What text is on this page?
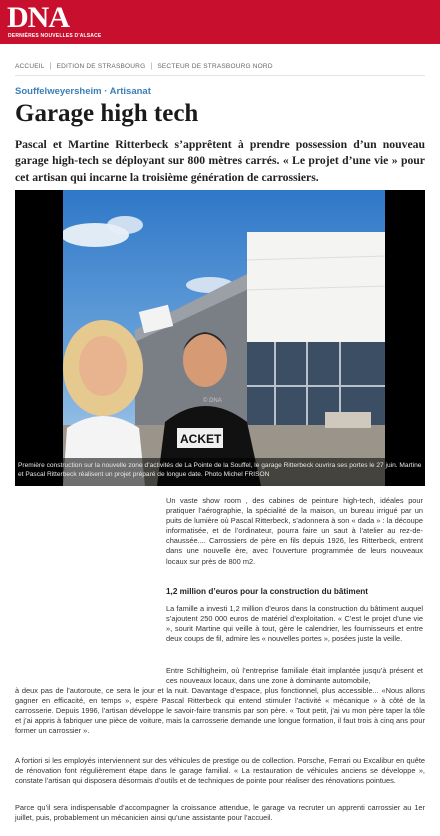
DNA
DERNIÈRES NOUVELLES D'ALSACE
ACCUEIL | EDITION DE STRASBOURG | SECTEUR DE STRASBOURG NORD
Souffelweyersheim · Artisanat
Garage high tech

Pascal et Martine Ritterbeck s’apprêtent à prendre possession d’un nouveau garage high-tech se déployant sur 800 mètres carrés. « Le projet d’une vie » pour cet artisan qui incarne la troisième génération de carrossiers.

ACKET
© DNA
Première construction sur la nouvelle zone d’activités de La Pointe de la Souffel, le garage Ritterbeck ouvrira ses portes le 27 juin. Martine et Pascal Ritterbeck réalisent un projet préparé de longue date. Photo Michel FRISON

Un vaste show room , des cabines de peinture high-tech, idéales pour pratiquer l’aérographie, la spécialité de la maison, un bureau irrigué par un puits de lumière où Pascal Ritterbeck, s’adonnera à son « dada » : la découpe informatisée, et de l’ordinateur, pourra faire un saut à l’atelier au rez-de-chaussée.... Carrossiers de père en fils depuis 1926, les Ritterbeck, entrent dans une nouvelle ère, avec l’ouverture programmée de leurs nouveaux locaux sur près de 800 m2.

1,2 million d’euros pour la construction du bâtiment

La famille a investi 1,2 million d’euros dans la construction du bâtiment auquel s’ajoutent 250 000 euros de matériel d’exploitation. « C’est le projet d’une vie », sourit Martine qui veille à tout, gère le calendrier, les fournisseurs et entre deux coups de fil, admire les « nouvelles portes », posées juste la veille.

Entre Schiltigheim, où l’entreprise familiale était implantée jusqu’à présent et ces nouveaux locaux, dans une zone à dominante automobile,

à deux pas de l’autoroute, ce sera le jour et la nuit. Davantage d’espace, plus fonctionnel, plus accessible... «Nous allons gagner en efficacité, en temps », espère Pascal Ritterbeck qui entend stimuler l’activité « mécanique » à côté de la carrosserie. Depuis 1996, l’artisan développe le savoir-faire transmis par son père. « Tout petit, j’ai vu mon père taper la tôle et j’ai appris à fabriquer une pièce de voiture, mais la carrosserie demande une longue formation, il faut trois à cinq ans pour former un carrossier ».

A fortiori si les employés interviennent sur des véhicules de prestige ou de collection. Porsche, Ferrari ou Excalibur en quête de rénovation font régulièrement étape dans le garage familial. « La restauration de véhicules anciens se développe », constate l’artisan qui disposera désormais d’outils et de techniques de pointe pour réaliser des rénovations pointues.

Parce qu’il sera indispensable d’accompagner la croissance attendue, le garage va recruter un apprenti carrossier au 1er juillet, puis, probablement un mécanicien ainsi qu’une assistante pour l’accueil.
